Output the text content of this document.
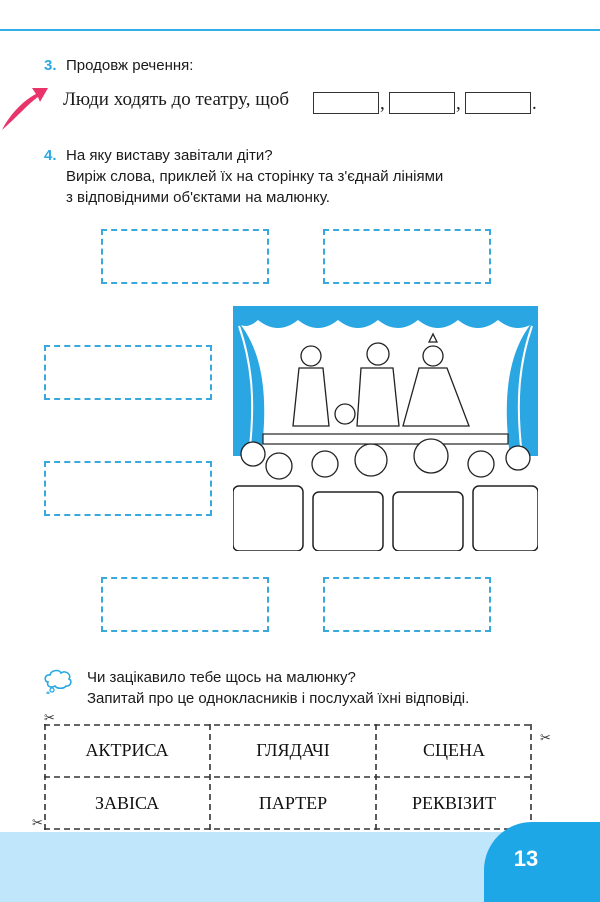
3. Продовж речення:
Люди ходять до театру, щоб	,	,	.
4. На яку виставу завітали діти?
Виріж слова, приклей їх на сторінку та з'єднай лініями
з відповідними об'єктами на малюнку.
Чи зацікавило тебе щось на малюнку?
Запитай про це однокласників і послухай їхні відповіді.
✂
✂
✂
АКТРИСА	ГЛЯДАЧІ	СЦЕНА
ЗАВІСА	ПАРТЕР	РЕКВІЗИТ
13
